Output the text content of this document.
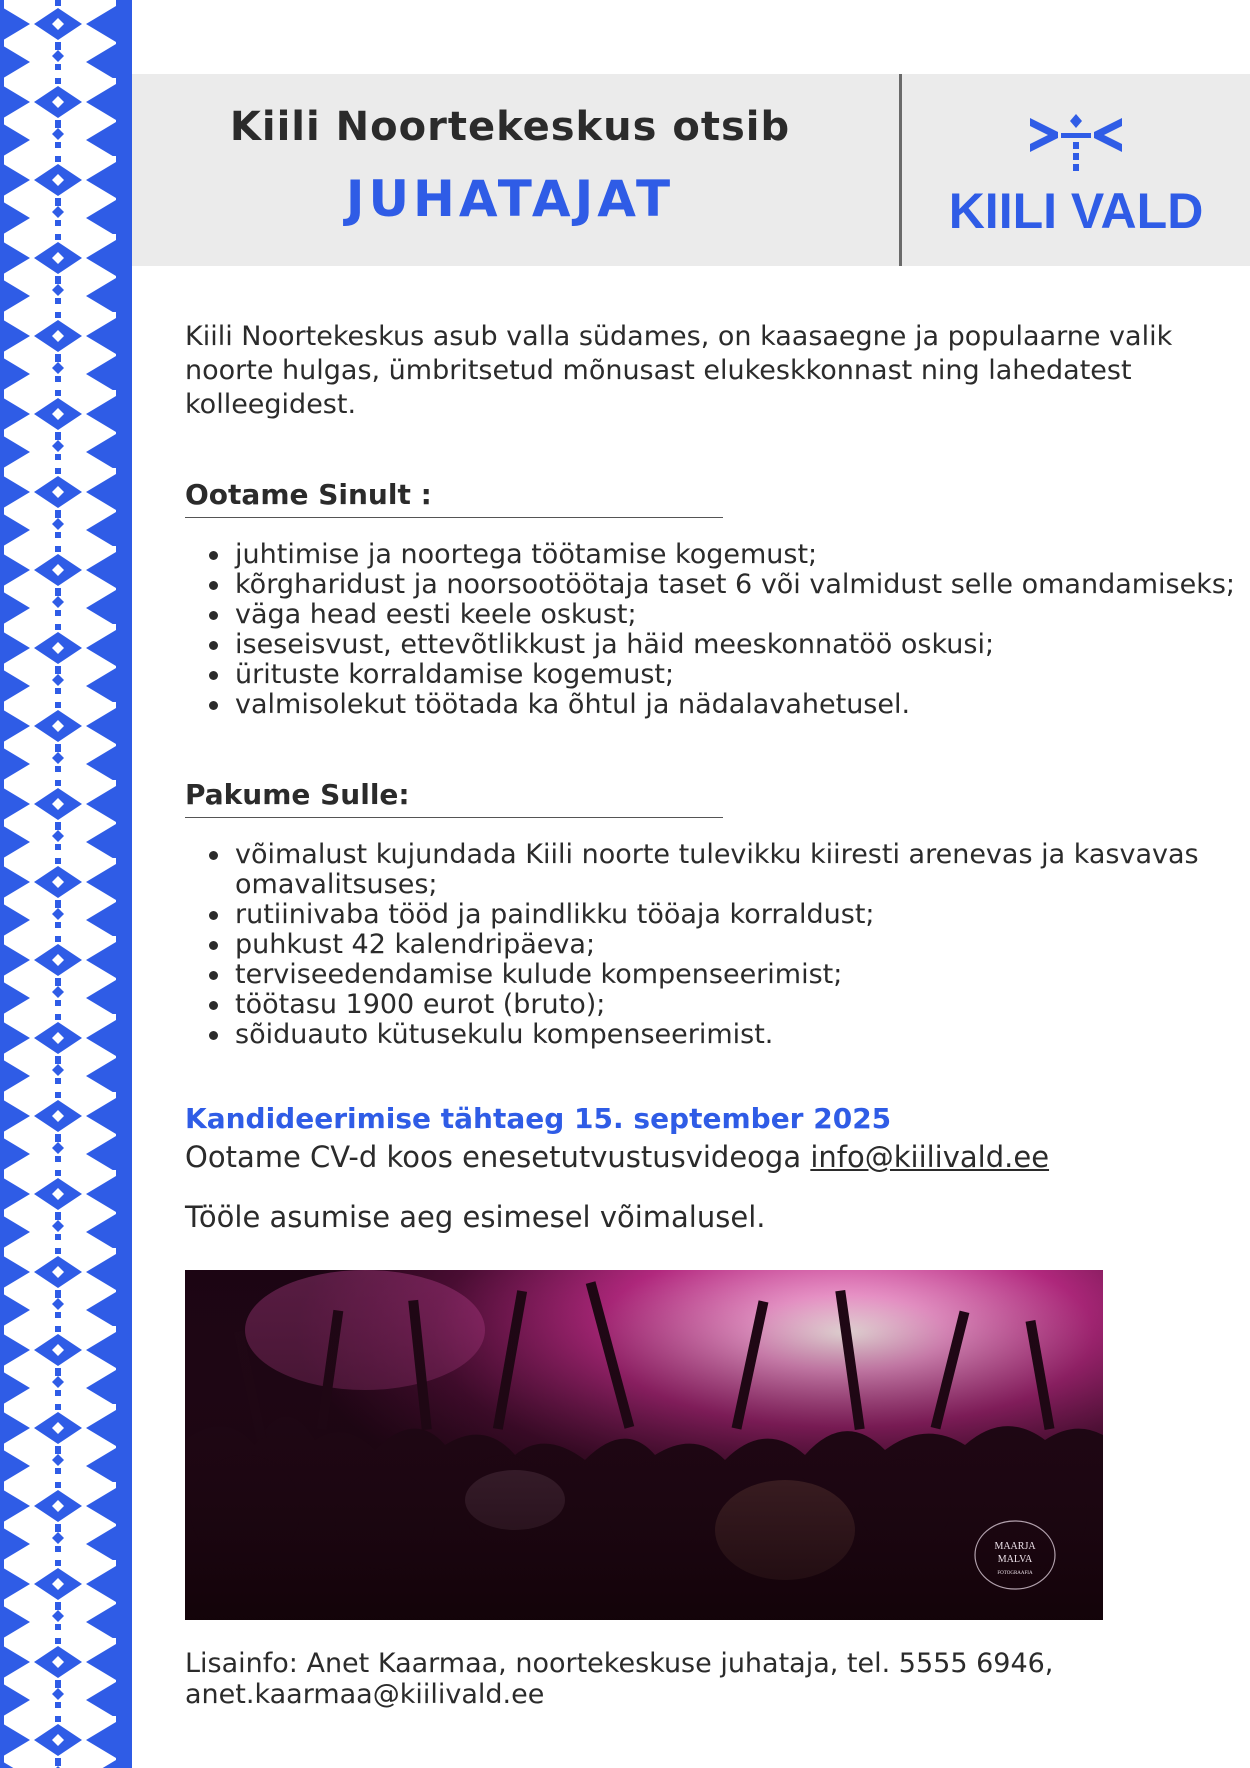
Kiili Noortekeskus otsib
JUHATAJAT	KIILI VALD
Kiili Noortekeskus asub valla südames, on kaasaegne ja populaarne valik noorte hulgas, ümbritsetud mõnusast elukeskkonnast ning lahedatest kolleegidest.
Ootame Sinult :
juhtimise ja noortega töötamise kogemust;
kõrgharidust ja noorsootöötaja taset 6 või valmidust selle omandamiseks;
väga head eesti keele oskust;
iseseisvust, ettevõtlikkust ja häid meeskonnatöö oskusi;
ürituste korraldamise kogemust;
valmisolekut töötada ka õhtul ja nädalavahetusel.
Pakume Sulle:
võimalust kujundada Kiili noorte tulevikku kiiresti arenevas ja kasvavas omavalitsuses;
rutiinivaba tööd ja paindlikku tööaja korraldust;
puhkust 42 kalendripäeva;
terviseedendamise kulude kompenseerimist;
töötasu 1900 eurot (bruto);
sõiduauto kütusekulu kompenseerimist.
Kandideerimise tähtaeg 15. september 2025
Ootame CV-d koos enesetutvustusvideoga info@kiilivald.ee
Tööle asumise aeg esimesel võimalusel.
MAARJA
MALVA
FOTOGRAAFIA
Lisainfo: Anet Kaarmaa, noortekeskuse juhataja, tel. 5555 6946,
anet.kaarmaa@kiilivald.ee
